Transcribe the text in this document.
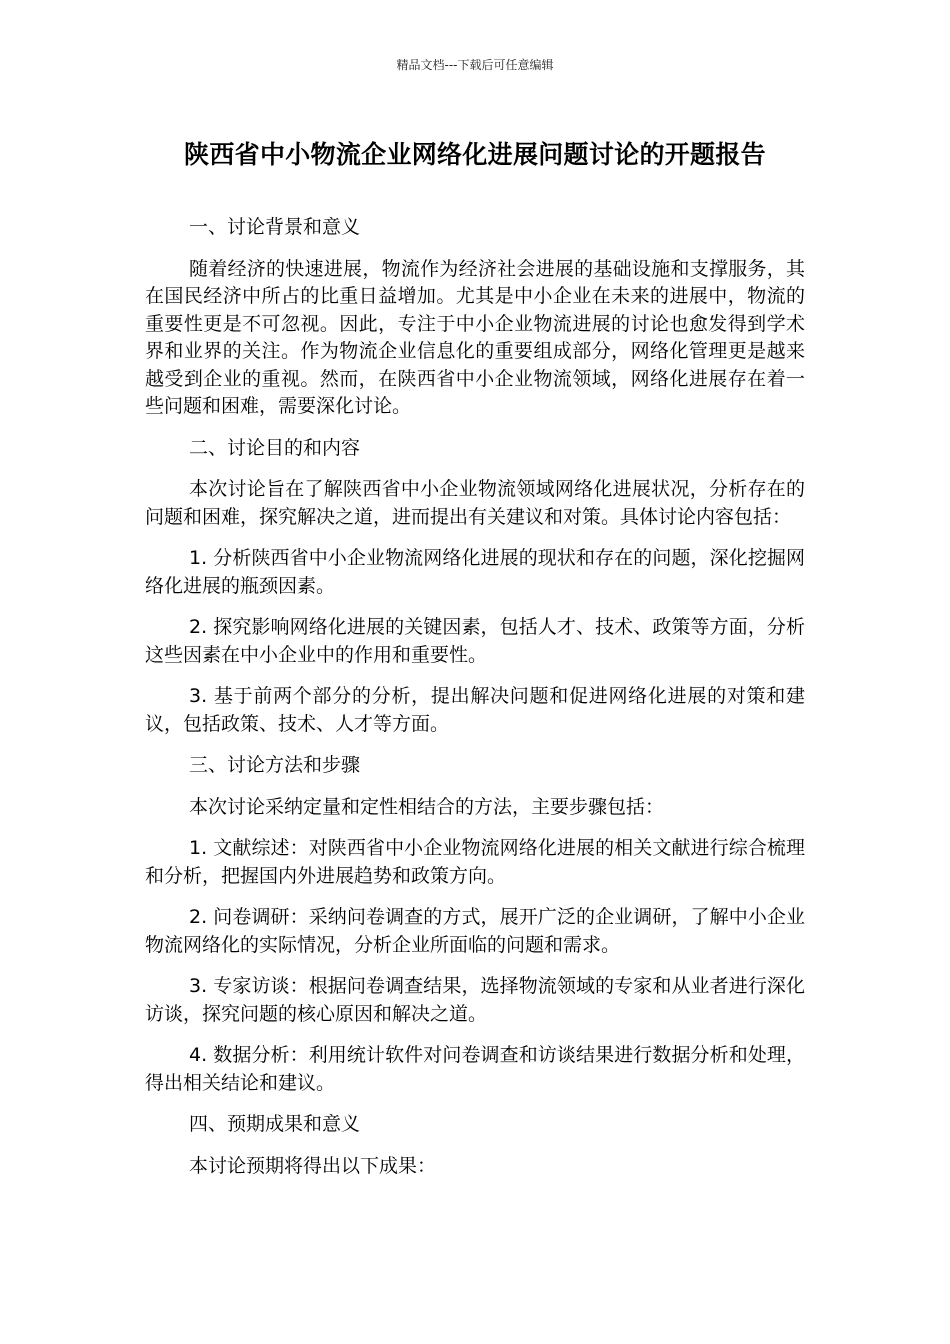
精品文档---下载后可任意编辑
陕西省中小物流企业网络化进展问题讨论的开题报告

一、讨论背景和意义

随着经济的快速进展，物流作为经济社会进展的基础设施和支撑服务，其在国民经济中所占的比重日益增加。尤其是中小企业在未来的进展中，物流的重要性更是不可忽视。因此，专注于中小企业物流进展的讨论也愈发得到学术界和业界的关注。作为物流企业信息化的重要组成部分，网络化管理更是越来越受到企业的重视。然而，在陕西省中小企业物流领域，网络化进展存在着一些问题和困难，需要深化讨论。

二、讨论目的和内容

本次讨论旨在了解陕西省中小企业物流领域网络化进展状况，分析存在的问题和困难，探究解决之道，进而提出有关建议和对策。具体讨论内容包括：

1. 分析陕西省中小企业物流网络化进展的现状和存在的问题，深化挖掘网络化进展的瓶颈因素。

2. 探究影响网络化进展的关键因素，包括人才、技术、政策等方面，分析这些因素在中小企业中的作用和重要性。

3. 基于前两个部分的分析，提出解决问题和促进网络化进展的对策和建议，包括政策、技术、人才等方面。

三、讨论方法和步骤

本次讨论采纳定量和定性相结合的方法，主要步骤包括：

1. 文献综述：对陕西省中小企业物流网络化进展的相关文献进行综合梳理和分析，把握国内外进展趋势和政策方向。

2. 问卷调研：采纳问卷调查的方式，展开广泛的企业调研，了解中小企业物流网络化的实际情况，分析企业所面临的问题和需求。

3. 专家访谈：根据问卷调查结果，选择物流领域的专家和从业者进行深化访谈，探究问题的核心原因和解决之道。

4. 数据分析：利用统计软件对问卷调查和访谈结果进行数据分析和处理，得出相关结论和建议。

四、预期成果和意义

本讨论预期将得出以下成果：
